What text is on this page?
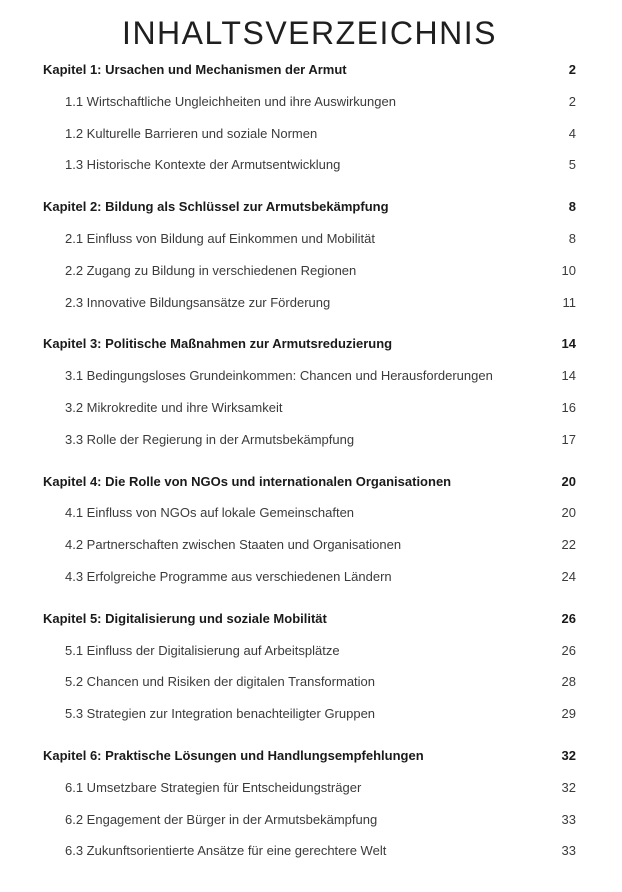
INHALTSVERZEICHNIS
Kapitel 1: Ursachen und Mechanismen der Armut	2
1.1 Wirtschaftliche Ungleichheiten und ihre Auswirkungen	2
1.2 Kulturelle Barrieren und soziale Normen	4
1.3 Historische Kontexte der Armutsentwicklung	5
Kapitel 2: Bildung als Schlüssel zur Armutsbekämpfung	8
2.1 Einfluss von Bildung auf Einkommen und Mobilität	8
2.2 Zugang zu Bildung in verschiedenen Regionen	10
2.3 Innovative Bildungsansätze zur Förderung	11
Kapitel 3: Politische Maßnahmen zur Armutsreduzierung	14
3.1 Bedingungsloses Grundeinkommen: Chancen und Herausforderungen	14
3.2 Mikrokredite und ihre Wirksamkeit	16
3.3 Rolle der Regierung in der Armutsbekämpfung	17
Kapitel 4: Die Rolle von NGOs und internationalen Organisationen	20
4.1 Einfluss von NGOs auf lokale Gemeinschaften	20
4.2 Partnerschaften zwischen Staaten und Organisationen	22
4.3 Erfolgreiche Programme aus verschiedenen Ländern	24
Kapitel 5: Digitalisierung und soziale Mobilität	26
5.1 Einfluss der Digitalisierung auf Arbeitsplätze	26
5.2 Chancen und Risiken der digitalen Transformation	28
5.3 Strategien zur Integration benachteiligter Gruppen	29
Kapitel 6: Praktische Lösungen und Handlungsempfehlungen	32
6.1 Umsetzbare Strategien für Entscheidungsträger	32
6.2 Engagement der Bürger in der Armutsbekämpfung	33
6.3 Zukunftsorientierte Ansätze für eine gerechtere Welt	33
